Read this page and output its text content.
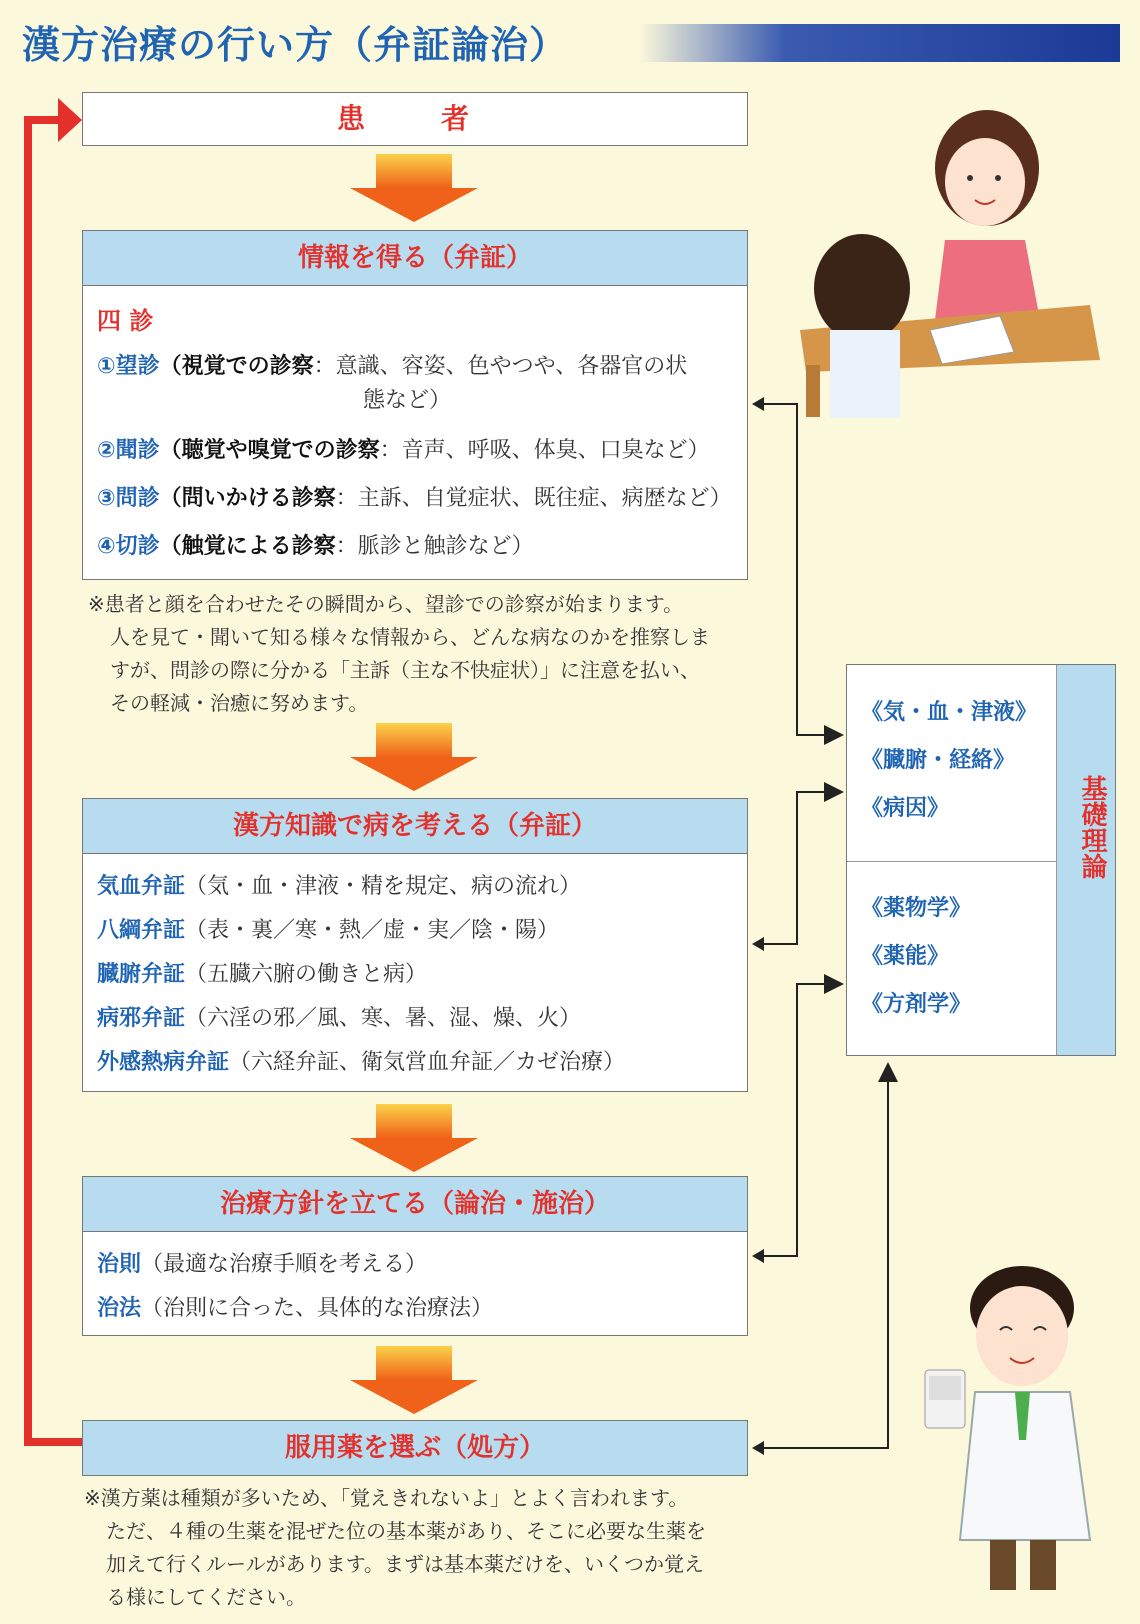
漢方治療の行い方（弁証論治）
患　者
情報を得る（弁証）
四 診
①望診（視覚での診察：意識、容姿、色やつや、各器官の状
態など）
②聞診（聴覚や嗅覚での診察：音声、呼吸、体臭、口臭など）
③問診（問いかける診察：主訴、自覚症状、既往症、病歴など）
④切診（触覚による診察：脈診と触診など）
※患者と顔を合わせたその瞬間から、望診での診察が始まります。
人を見て・聞いて知る様々な情報から、どんな病なのかを推察しま
すが、問診の際に分かる「主訴（主な不快症状）」に注意を払い、
その軽減・治癒に努めます。
漢方知識で病を考える（弁証）
気血弁証（気・血・津液・精を規定、病の流れ）
八綱弁証（表・裏／寒・熱／虚・実／陰・陽）
臓腑弁証（五臓六腑の働きと病）
病邪弁証（六淫の邪／風、寒、暑、湿、燥、火）
外感熱病弁証（六経弁証、衛気営血弁証／カゼ治療）
治療方針を立てる（論治・施治）
治則（最適な治療手順を考える）
治法（治則に合った、具体的な治療法）
服用薬を選ぶ（処方）
※漢方薬は種類が多いため、「覚えきれないよ」とよく言われます。
ただ、４種の生薬を混ぜた位の基本薬があり、そこに必要な生薬を
加えて行くルールがあります。まずは基本薬だけを、いくつか覚え
る様にしてください。
《気・血・津液》
《臓腑・経絡》
《病因》
《薬物学》
《薬能》
《方剤学》
基礎理論
